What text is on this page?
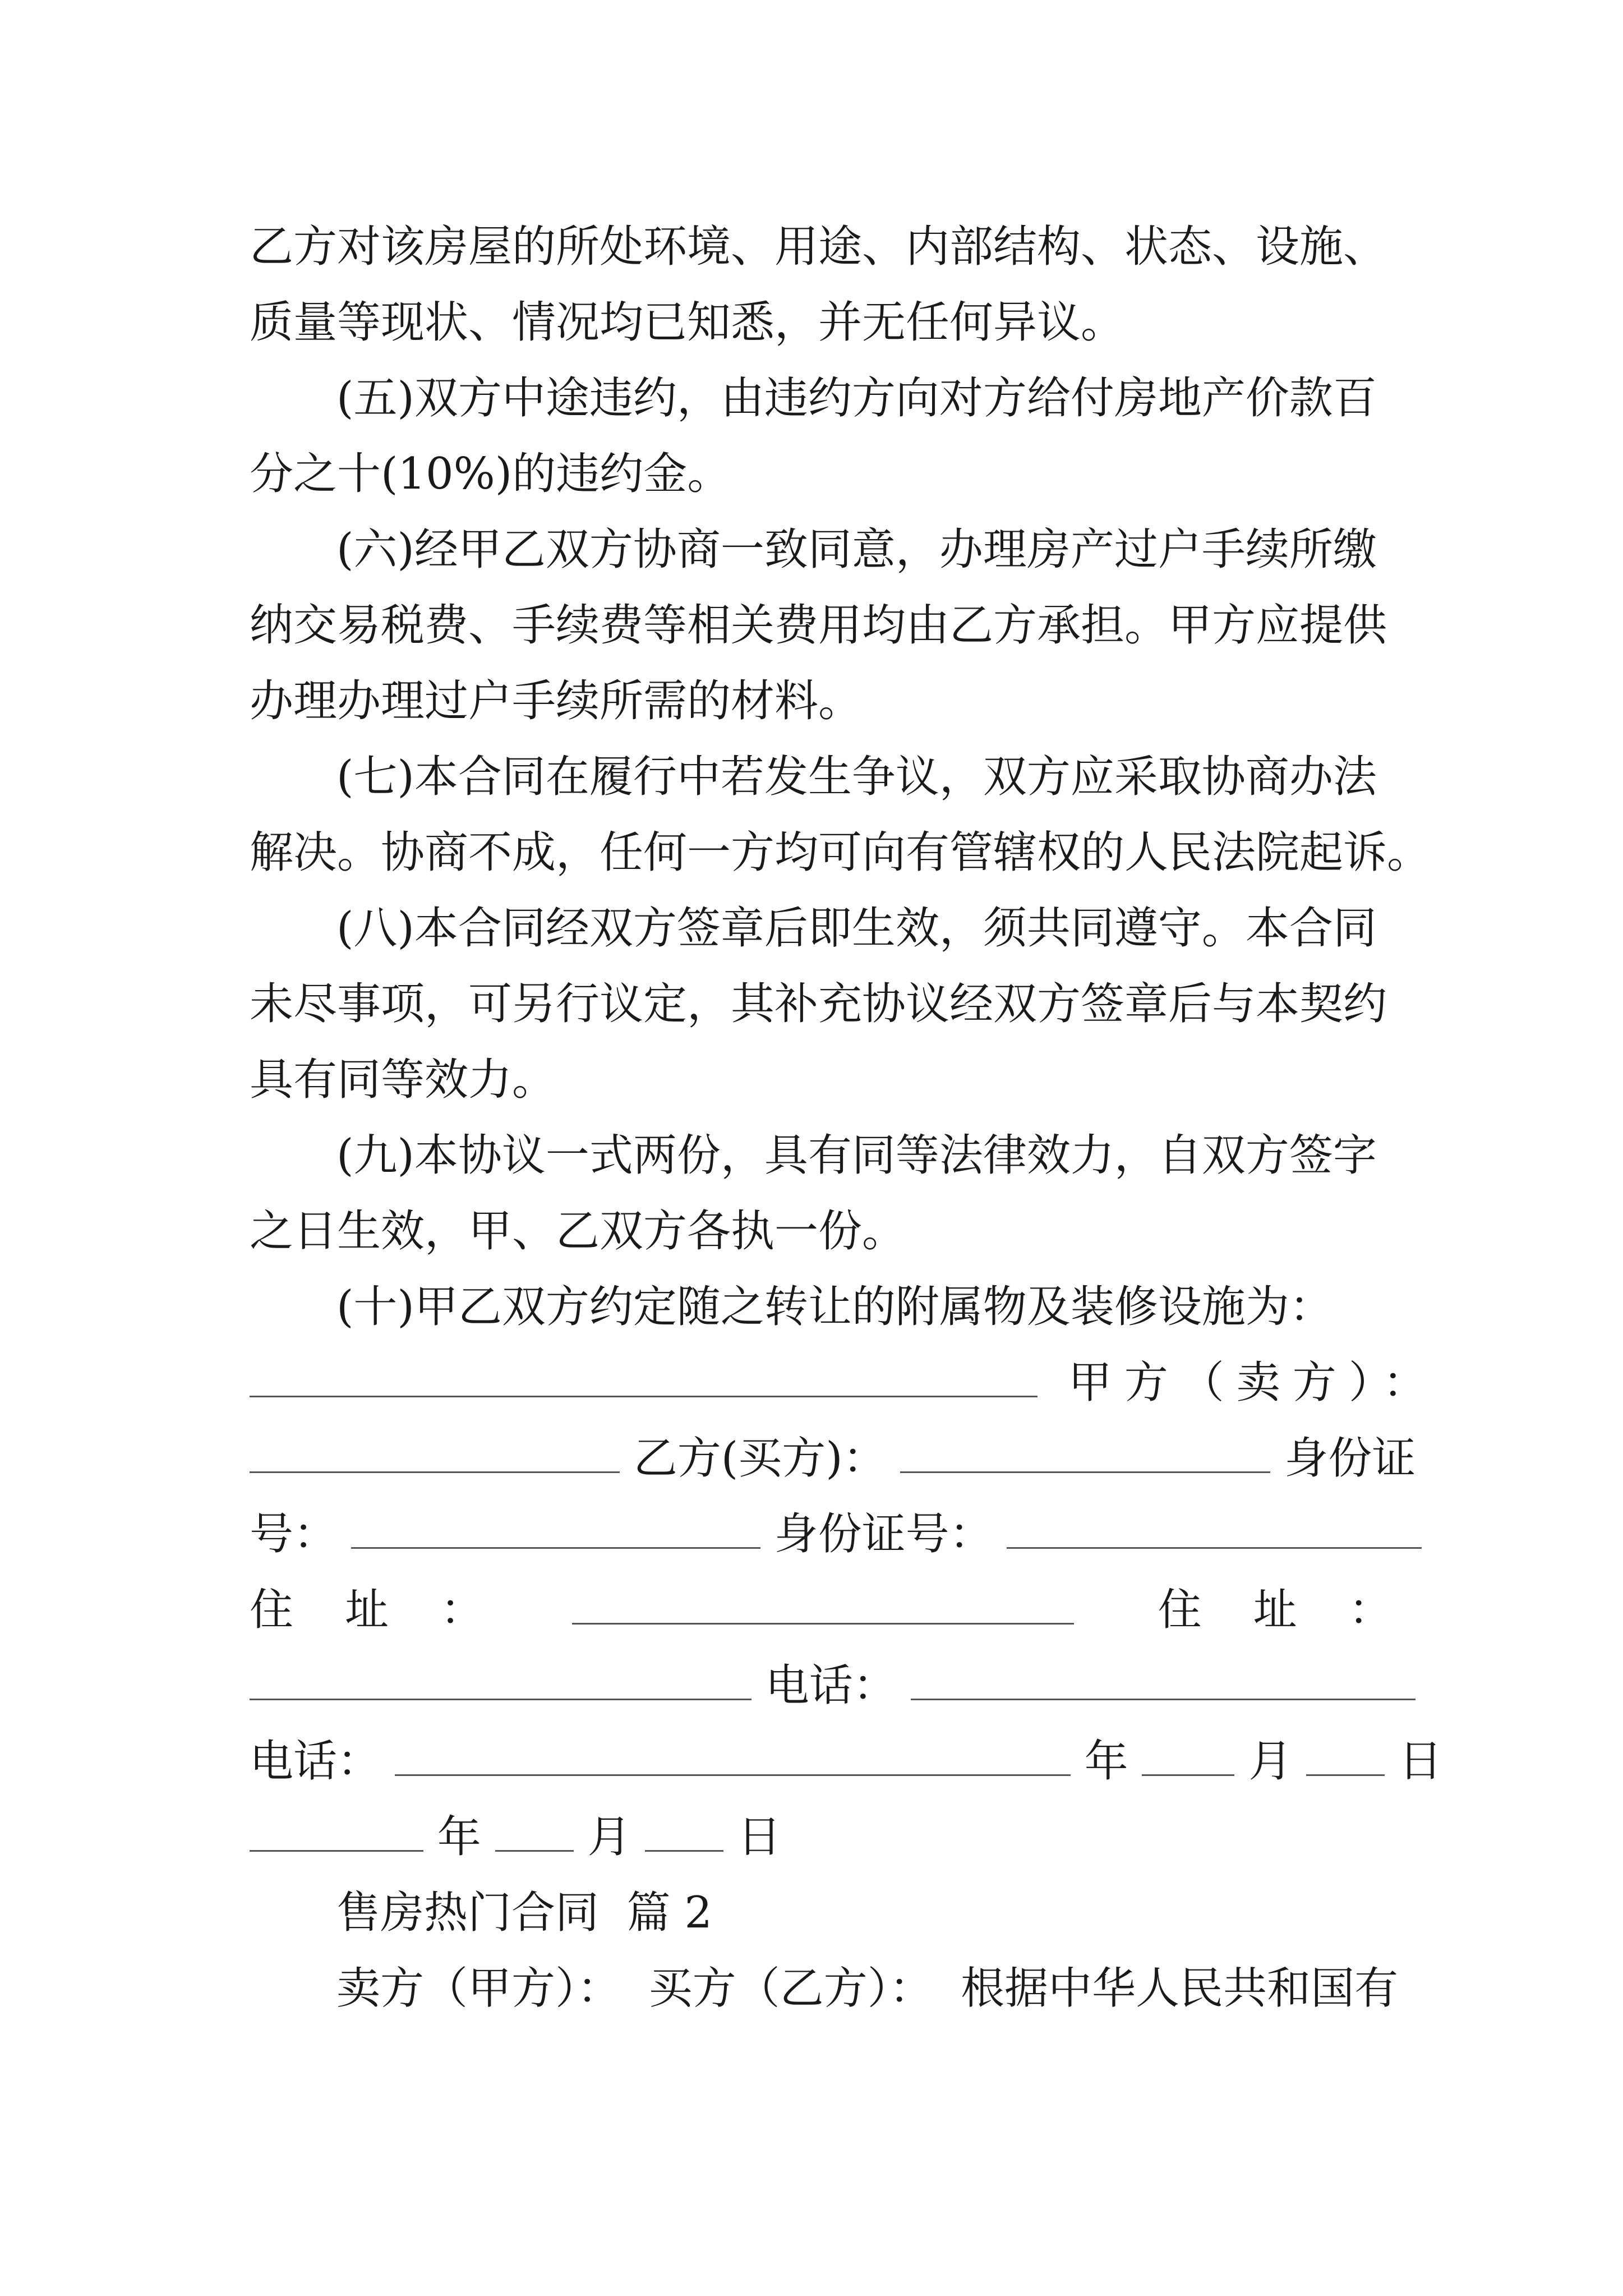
乙方对该房屋的所处环境、用途、内部结构、状态、设施、
质量等现状、情况均已知悉，并无任何异议。
(五)双方中途违约，由违约方向对方给付房地产价款百
分之十(10%)的违约金。
(六)经甲乙双方协商一致同意，办理房产过户手续所缴
纳交易税费、手续费等相关费用均由乙方承担。甲方应提供
办理办理过户手续所需的材料。
(七)本合同在履行中若发生争议，双方应采取协商办法
解决。协商不成，任何一方均可向有管辖权的人民法院起诉。
(八)本合同经双方签章后即生效，须共同遵守。本合同
未尽事项，可另行议定，其补充协议经双方签章后与本契约
具有同等效力。
(九)本协议一式两份，具有同等法律效力，自双方签字
之日生效，甲、乙双方各执一份。
(十)甲乙双方约定随之转让的附属物及装修设施为：
甲方（卖方）：
乙方(买方)：	身份证
号：	身份证号：
住址：	住址：
电话：
电话：	年	月 日
年 月 日
售房热门合同  篇 2
卖方（甲方）：  买方（乙方）：  根据中华人民共和国有
